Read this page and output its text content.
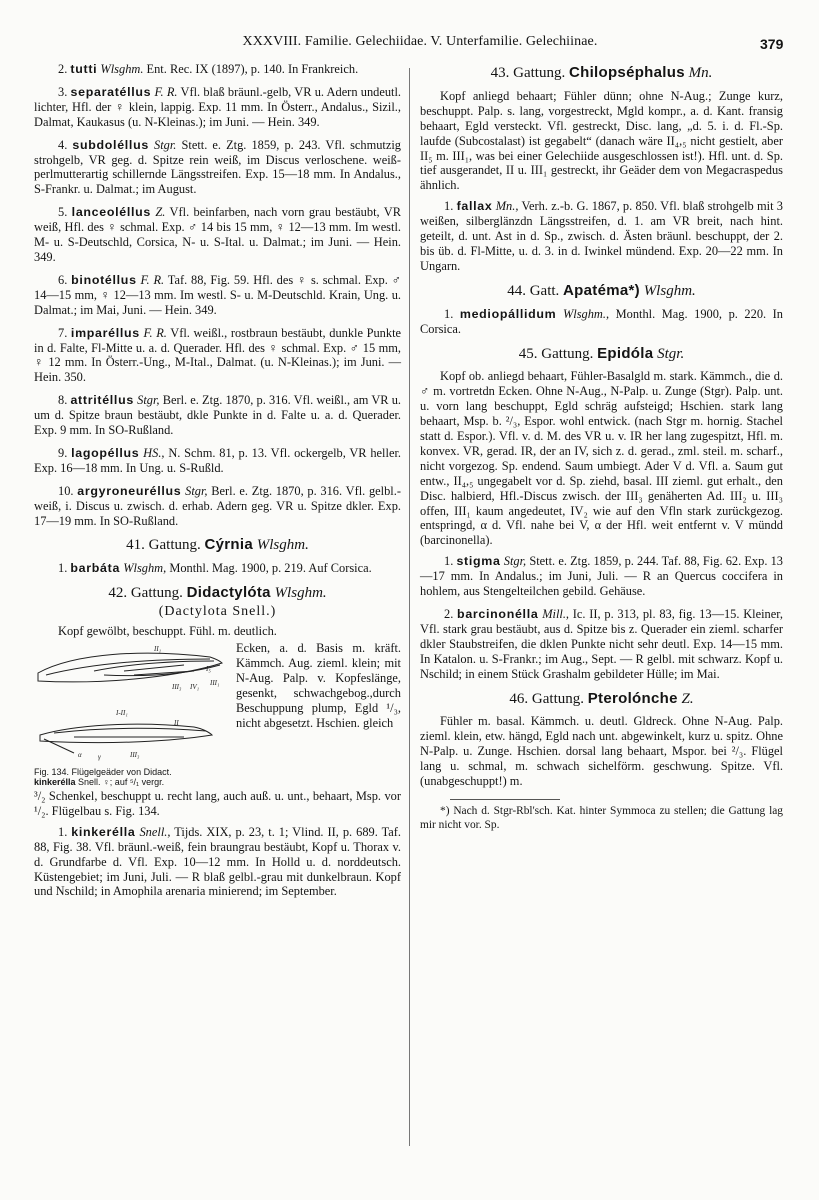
XXXVIII. Familie. Gelechiidae. V. Unterfamilie. Gelechiinae.	379
2. tutti Wlsghm. Ent. Rec. IX (1897), p. 140. In Frankreich.
3. separatéllus F. R. Vfl. blaß bräunl.-gelb, VR u. Adern undeutl. lichter, Hfl. der ♀ klein, lappig. Exp. 11 mm. In Österr., Andalus., Sizil., Dalmat, Kaukasus (u. N-Kleinas.); im Juni. — Hein. 349.
4. subdoléllus Stgr. Stett. e. Ztg. 1859, p. 243. Vfl. schmutzig strohgelb, VR geg. d. Spitze rein weiß, im Discus verloschene. weiß-perlmutterartig schillernde Längsstreifen. Exp. 15—18 mm. In Andalus., S-Frankr. u. Dalmat.; im August.
5. lanceoléllus Z. Vfl. beinfarben, nach vorn grau bestäubt, VR weiß, Hfl. des ♀ schmal. Exp. ♂ 14 bis 15 mm, ♀ 12—13 mm. Im westl. M- u. S-Deutschld, Corsica, N- u. S-Ital. u. Dalmat.; im Juni. — Hein. 349.
6. binotéllus F. R. Taf. 88, Fig. 59. Hfl. des ♀ s. schmal. Exp. ♂ 14—15 mm, ♀ 12—13 mm. Im westl. S- u. M-Deutschld. Krain, Ung. u. Dalmat.; im Mai, Juni. — Hein. 349.
7. imparéllus F. R. Vfl. weißl., rostbraun bestäubt, dunkle Punkte in d. Falte, Fl-Mitte u. a. d. Querader. Hfl. des ♀ schmal. Exp. ♂ 15 mm, ♀ 12 mm. In Österr.-Ung., M-Ital., Dalmat. (u. N-Kleinas.); im Juni. — Hein. 350.
8. attritéllus Stgr, Berl. e. Ztg. 1870, p. 316. Vfl. weißl., am VR u. um d. Spitze braun bestäubt, dkle Punkte in d. Falte u. a. d. Querader. Exp. 9 mm. In SO-Rußland.
9. lagopéllus HS., N. Schm. 81, p. 13. Vfl. ockergelb, VR heller. Exp. 16—18 mm. In Ung. u. S-Rußld.
10. argyroneuréllus Stgr, Berl. e. Ztg. 1870, p. 316. Vfl. gelbl.-weiß, i. Discus u. zwisch. d. erhab. Adern geg. VR u. Spitze dkler. Exp. 17—19 mm. In SO-Rußland.
41. Gattung. Cýrnia Wlsghm.
1. barbáta Wlsghm, Monthl. Mag. 1900, p. 219. Auf Corsica.
42. Gattung. Didactylóta Wlsghm.
(Dactylota Snell.)
Kopf gewölbt, beschuppt. Fühl. m. deutlich.
II₁
I₅
III₁
III₃ IV₁
I-II₁
II
α γ	III₃
Fig. 134. Flügelgeäder von Didact.
kinkeréllа Snell. ♀; auf ⁵/₁ vergr.
Ecken, a. d. Basis m. kräft. Kämmch. Aug. zieml. klein; mit N-Aug. Palp. v. Kopfeslänge, gesenkt, schwachgebog.,durch Beschuppung plump, Egld ¹/₃, nicht abgesetzt. Hschien. gleich
³/₂ Schenkel, beschuppt u. recht lang, auch auß. u. unt., behaart, Msp. vor ¹/₂. Flügelbau s. Fig. 134.
1. kinkeréllа Snell., Tijds. XIX, p. 23, t. 1; Vlind. II, p. 689. Taf. 88, Fig. 38. Vfl. bräunl.-weiß, fein braungrau bestäubt, Kopf u. Thorax v. d. Grundfarbe d. Vfl. Exp. 10—12 mm. In Holld u. d. norddeutsch. Küstengebiet; im Juni, Juli. — R blaß gelbl.-grau mit dunkelbraun. Kopf und Nschild; in Amophila arenaria minierend; im September.
43. Gattung. Chilopséphalus Mn.
Kopf anliegd behaart; Fühler dünn; ohne N-Aug.; Zunge kurz, beschuppt. Palp. s. lang, vorgestreckt, Mgld kompr., a. d. Kant. fransig behaart, Egld versteckt. Vfl. gestreckt, Disc. lang, „d. 5. i. d. Fl.-Sp. laufde (Subcostalast) ist gegabelt“ (danach wäre II₄,₅ nicht gestielt, aber II₅ m. III₁, was bei einer Gelechiide ausgeschlossen ist!). Hfl. unt. d. Sp. tief ausgerandet, II u. III₁ gestreckt, ihr Geäder dem von Megacraspedus ähnlich.
1. fallax Mn., Verh. z.-b. G. 1867, p. 850. Vfl. blaß strohgelb mit 3 weißen, silberglänzdn Längsstreifen, d. 1. am VR breit, nach hint. geteilt, d. unt. Ast in d. Sp., zwisch. d. Ästen bräunl. beschuppt, der 2. bis üb. d. Fl-Mitte, u. d. 3. in d. Iwinkel mündend. Exp. 20—22 mm. In Ungarn.
44. Gatt. Apatéma*) Wlsghm.
1. mediopállidum Wlsghm., Monthl. Mag. 1900, p. 220. In Corsica.
45. Gattung. Epidóla Stgr.
Kopf ob. anliegd behaart, Fühler-Basalgld m. stark. Kämmch., die d. ♂ m. vortretdn Ecken. Ohne N-Aug., N-Palp. u. Zunge (Stgr). Palp. unt. u. vorn lang beschuppt, Egld schräg aufsteigd; Hschien. stark lang behaart, Msp. b. ²/₃, Espor. wohl entwick. (nach Stgr m. hornig. Stachel statt d. Espor.). Vfl. v. d. M. des VR u. v. IR her lang zugespitzt, Hfl. m. konvex. VR, gerad. IR, der an IV, sich z. d. gerad., zml. steil. m. scharf., nicht vorgezog. Sp. endend. Saum umbiegt. Ader V d. Vfl. a. Saum gut entw., II₄,₅ ungegabelt vor d. Sp. ziehd, basal. III zieml. gut erhalt., den Disc. halbierd, Hfl.-Discus zwisch. der III₃ genäherten Ad. III₂ u. III₃ offen, III₁ kaum angedeutet, IV₂ wie auf den Vfln stark zurückgezog. entspringd, α d. Vfl. nahe bei V, α der Hfl. weit entfernt v. V mündd (barcinonella).
1. stigma Stgr, Stett. e. Ztg. 1859, p. 244. Taf. 88, Fig. 62. Exp. 13—17 mm. In Andalus.; im Juni, Juli. — R an Quercus coccifera in hohlem, aus Stengelteilchen gebild. Gehäuse.
2. barcinonélla Mill., Ic. II, p. 313, pl. 83, fig. 13—15. Kleiner, Vfl. stark grau bestäubt, aus d. Spitze bis z. Querader ein zieml. scharfer dkler Staubstreifen, die dklen Punkte nicht sehr deutl. Exp. 14—15 mm. In Katalon. u. S-Frankr.; im Aug., Sept. — R gelbl. mit schwarz. Kopf u. Nschild; in einem Stück Grashalm gebildeter Hülle; im Mai.
46. Gattung. Pterolónche Z.
Fühler m. basal. Kämmch. u. deutl. Gldreck. Ohne N-Aug. Palp. zieml. klein, etw. hängd, Egld nach unt. abgewinkelt, kurz u. spitz. Ohne N-Palp. u. Zunge. Hschien. dorsal lang behaart, Mspor. bei ²/₃. Flügel lang u. schmal, m. schwach sichelförm. geschwung. Spitze. Vfl. (unabgeschuppt!) m.
*) Nach d. Stgr-Rbl'sch. Kat. hinter Symmoca zu stellen; die Gattung lag mir nicht vor. Sp.
